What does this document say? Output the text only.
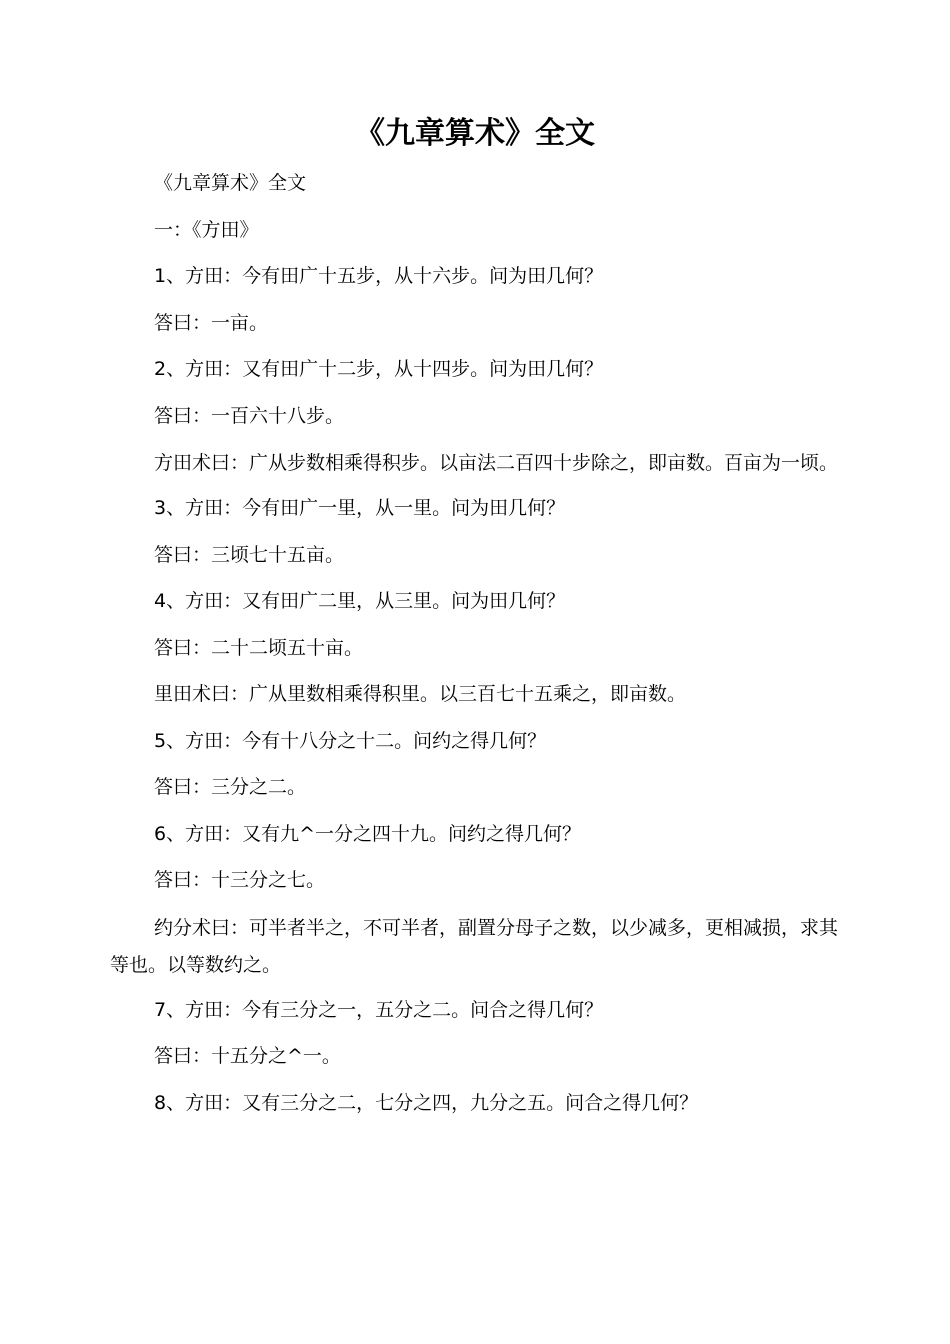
《九章算术》全文

《九章算术》全文

一：《方田》

1、方田：今有田广十五步，从十六步。问为田几何？

答曰：一亩。

2、方田：又有田广十二步，从十四步。问为田几何？

答曰：一百六十八步。

方田术曰：广从步数相乘得积步。以亩法二百四十步除之，即亩数。百亩为一顷。

3、方田：今有田广一里，从一里。问为田几何？

答曰：三顷七十五亩。

4、方田：又有田广二里，从三里。问为田几何？

答曰：二十二顷五十亩。

里田术曰：广从里数相乘得积里。以三百七十五乘之，即亩数。

5、方田：今有十八分之十二。问约之得几何？

答曰：三分之二。

6、方田：又有九^一分之四十九。问约之得几何？

答曰：十三分之七。

约分术曰：可半者半之，不可半者，副置分母子之数，以少减多，更相减损，求其等也。以等数约之。

7、方田：今有三分之一，五分之二。问合之得几何？

答曰：十五分之^一。

8、方田：又有三分之二，七分之四，九分之五。问合之得几何？
